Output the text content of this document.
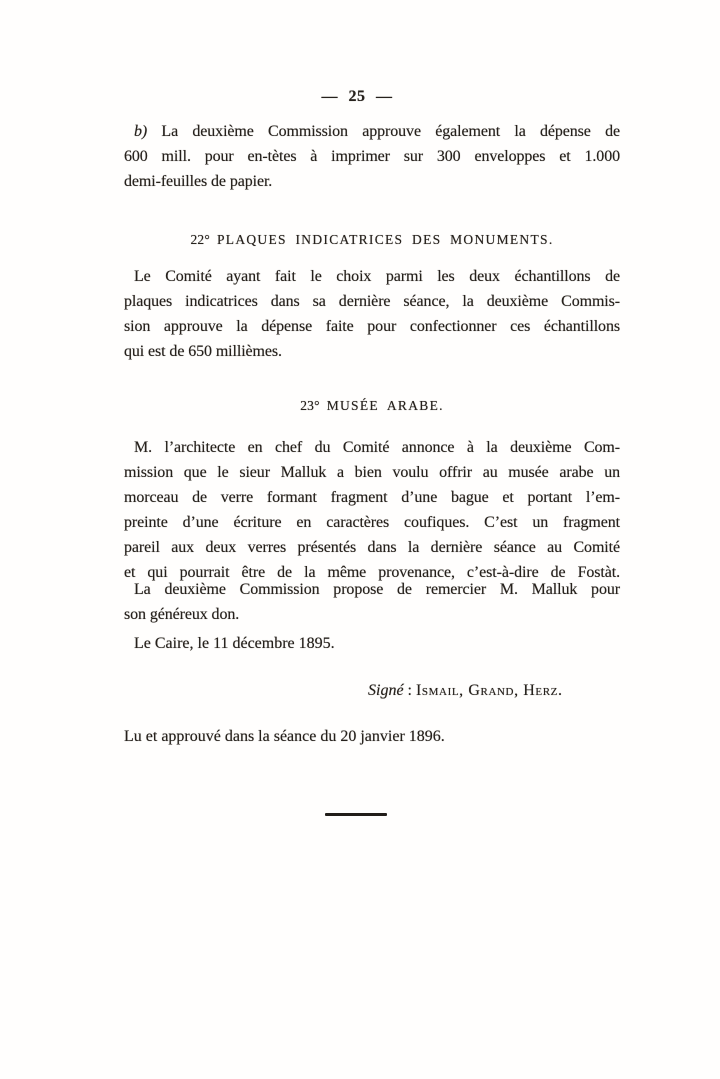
— 25 —
b) La deuxième Commission approuve également la dépense de
600 mill. pour en-tètes à imprimer sur 300 enveloppes et 1.000
demi-feuilles de papier.
22° PLAQUES INDICATRICES DES MONUMENTS.
Le Comité ayant fait le choix parmi les deux échantillons de
plaques indicatrices dans sa dernière séance, la deuxième Commis-
sion approuve la dépense faite pour confectionner ces échantillons
qui est de 650 millièmes.
23° MUSÉE ARABE.
M. l’architecte en chef du Comité annonce à la deuxième Com-
mission que le sieur Malluk a bien voulu offrir au musée arabe un
morceau de verre formant fragment d’une bague et portant l’em-
preinte d’une écriture en caractères coufiques. C’est un fragment
pareil aux deux verres présentés dans la dernière séance au Comité
et qui pourrait être de la même provenance, c’est-à-dire de Fostàt.
La deuxième Commission propose de remercier M. Malluk pour
son généreux don.
Le Caire, le 11 décembre 1895.
Signé : Ismail, Grand, Herz.
Lu et approuvé dans la séance du 20 janvier 1896.
